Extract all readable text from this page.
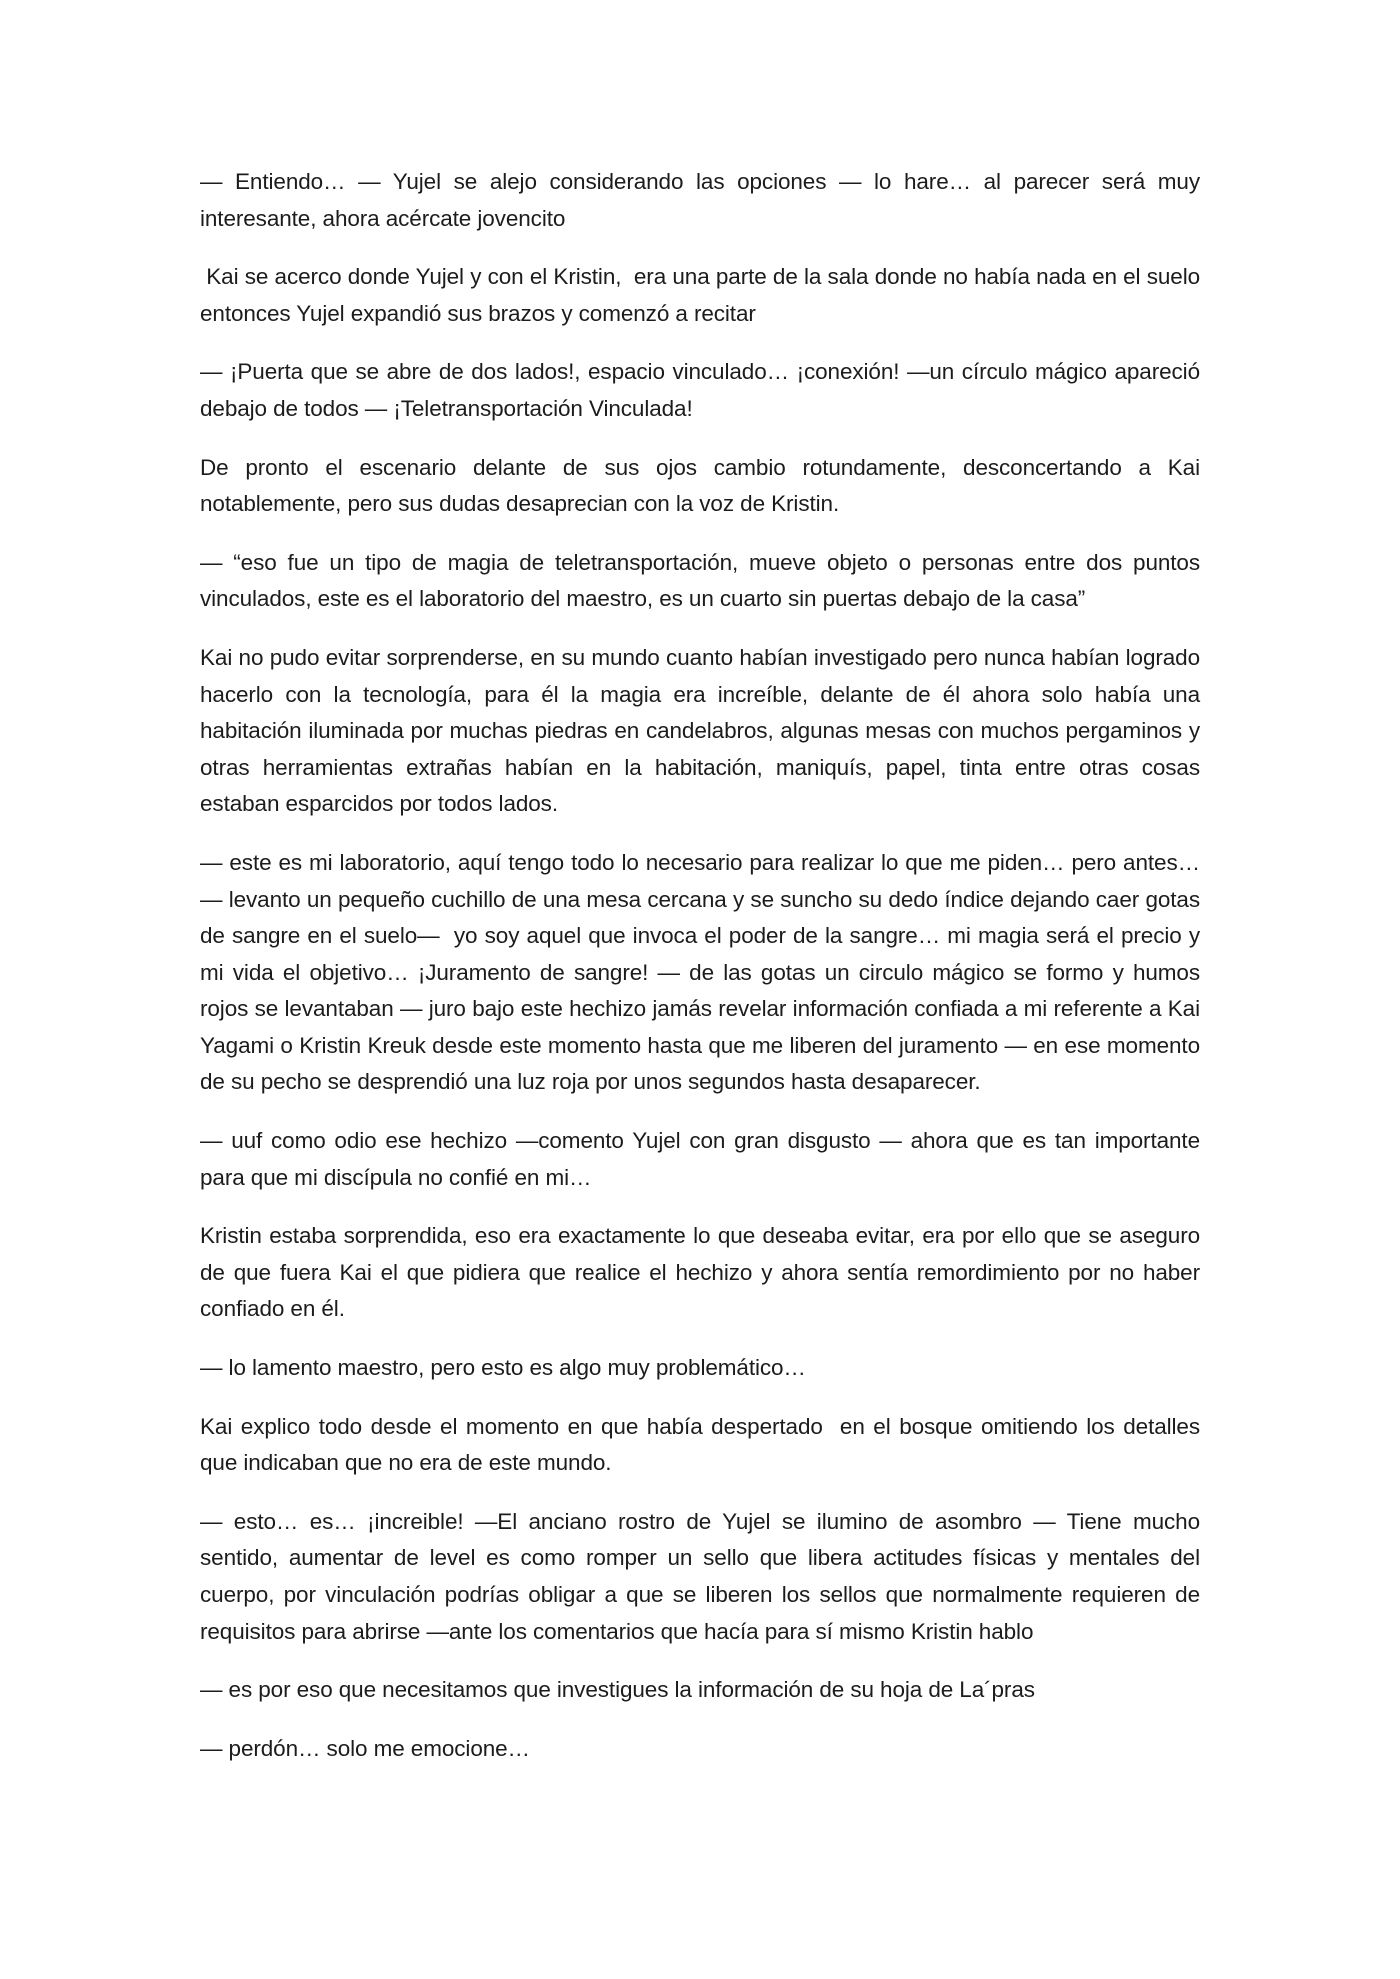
— Entiendo… — Yujel se alejo considerando las opciones — lo hare… al parecer será muy interesante, ahora acércate jovencito

Kai se acerco donde Yujel y con el Kristin,  era una parte de la sala donde no había nada en el suelo entonces Yujel expandió sus brazos y comenzó a recitar

— ¡Puerta que se abre de dos lados!, espacio vinculado… ¡conexión! —un círculo mágico apareció debajo de todos — ¡Teletransportación Vinculada!

De pronto el escenario delante de sus ojos cambio rotundamente, desconcertando a Kai notablemente, pero sus dudas desaprecian con la voz de Kristin.

— “eso fue un tipo de magia de teletransportación, mueve objeto o personas entre dos puntos vinculados, este es el laboratorio del maestro, es un cuarto sin puertas debajo de la casa”

Kai no pudo evitar sorprenderse, en su mundo cuanto habían investigado pero nunca habían logrado hacerlo con la tecnología, para él la magia era increíble, delante de él ahora solo había una habitación iluminada por muchas piedras en candelabros, algunas mesas con muchos pergaminos y otras herramientas extrañas habían en la habitación, maniquís, papel, tinta entre otras cosas estaban esparcidos por todos lados.

— este es mi laboratorio, aquí tengo todo lo necesario para realizar lo que me piden… pero antes… — levanto un pequeño cuchillo de una mesa cercana y se suncho su dedo índice dejando caer gotas de sangre en el suelo—  yo soy aquel que invoca el poder de la sangre… mi magia será el precio y mi vida el objetivo… ¡Juramento de sangre! — de las gotas un circulo mágico se formo y humos rojos se levantaban — juro bajo este hechizo jamás revelar información confiada a mi referente a Kai Yagami o Kristin Kreuk desde este momento hasta que me liberen del juramento — en ese momento de su pecho se desprendió una luz roja por unos segundos hasta desaparecer.

— uuf como odio ese hechizo —comento Yujel con gran disgusto — ahora que es tan importante para que mi discípula no confié en mi…

Kristin estaba sorprendida, eso era exactamente lo que deseaba evitar, era por ello que se aseguro de que fuera Kai el que pidiera que realice el hechizo y ahora sentía remordimiento por no haber confiado en él.

— lo lamento maestro, pero esto es algo muy problemático…

Kai explico todo desde el momento en que había despertado  en el bosque omitiendo los detalles que indicaban que no era de este mundo.

— esto… es… ¡increible! —El anciano rostro de Yujel se ilumino de asombro — Tiene mucho sentido, aumentar de level es como romper un sello que libera actitudes físicas y mentales del cuerpo, por vinculación podrías obligar a que se liberen los sellos que normalmente requieren de requisitos para abrirse —ante los comentarios que hacía para sí mismo Kristin hablo

— es por eso que necesitamos que investigues la información de su hoja de La´pras

— perdón… solo me emocione…
